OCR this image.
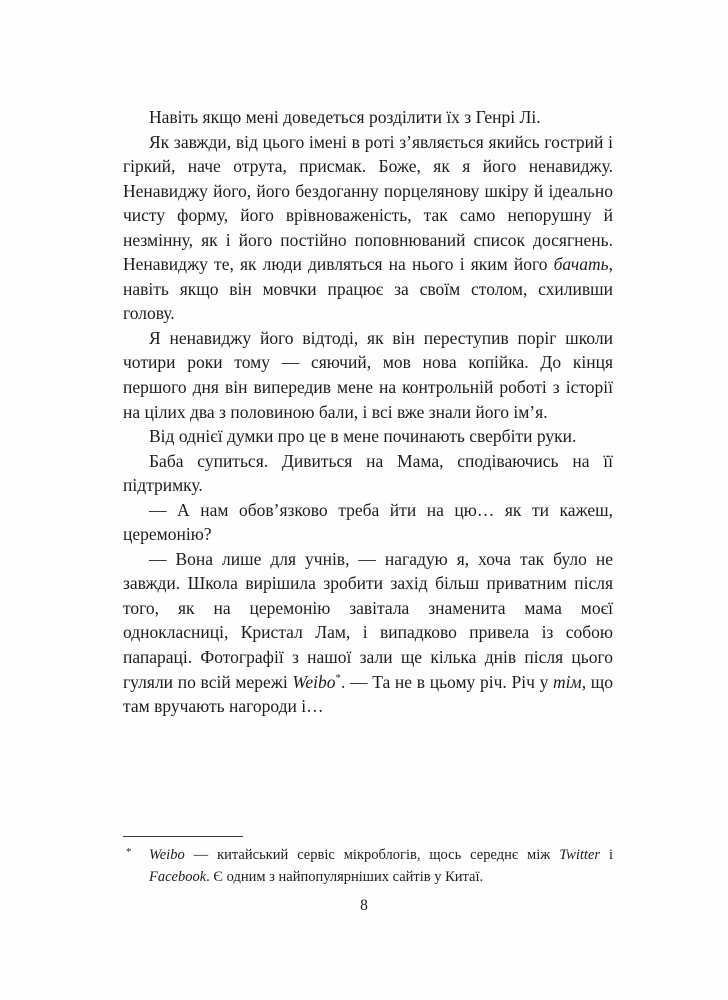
Навіть якщо мені доведеться розділити їх з Генрі Лі.

Як завжди, від цього імені в роті з’являється якийсь гострий і гіркий, наче отрута, присмак. Боже, як я його ненавиджу. Ненавиджу його, його бездоганну порцелянову шкіру й ідеально чисту форму, його врівноваженість, так само непорушну й незмінну, як і його постійно поповнюваний список досягнень. Ненавиджу те, як люди дивляться на нього і яким його бачать, навіть якщо він мовчки працює за своїм столом, схиливши голову.

Я ненавиджу його відтоді, як він переступив поріг школи чотири роки тому — сяючий, мов нова копійка. До кінця першого дня він випередив мене на контрольній роботі з історії на цілих два з половиною бали, і всі вже знали його ім’я.

Від однієї думки про це в мене починають свербіти руки.

Баба супиться. Дивиться на Мама, сподіваючись на її підтримку.

— А нам обов’язково треба йти на цю… як ти кажеш, церемонію?

— Вона лише для учнів, — нагадую я, хоча так було не завжди. Школа вирішила зробити захід більш приватним після того, як на церемонію завітала знаменита мама моєї однокласниці, Кристал Лам, і випадково привела із собою папараці. Фотографії з нашої зали ще кілька днів після цього гуляли по всій мережі Weibo*. — Та не в цьому річ. Річ у тім, що там вручають нагороди і…

* Weibo — китайський сервіс мікроблогів, щось середнє між Twitter і Facebook. Є одним з найпопулярніших сайтів у Китаї.
8
